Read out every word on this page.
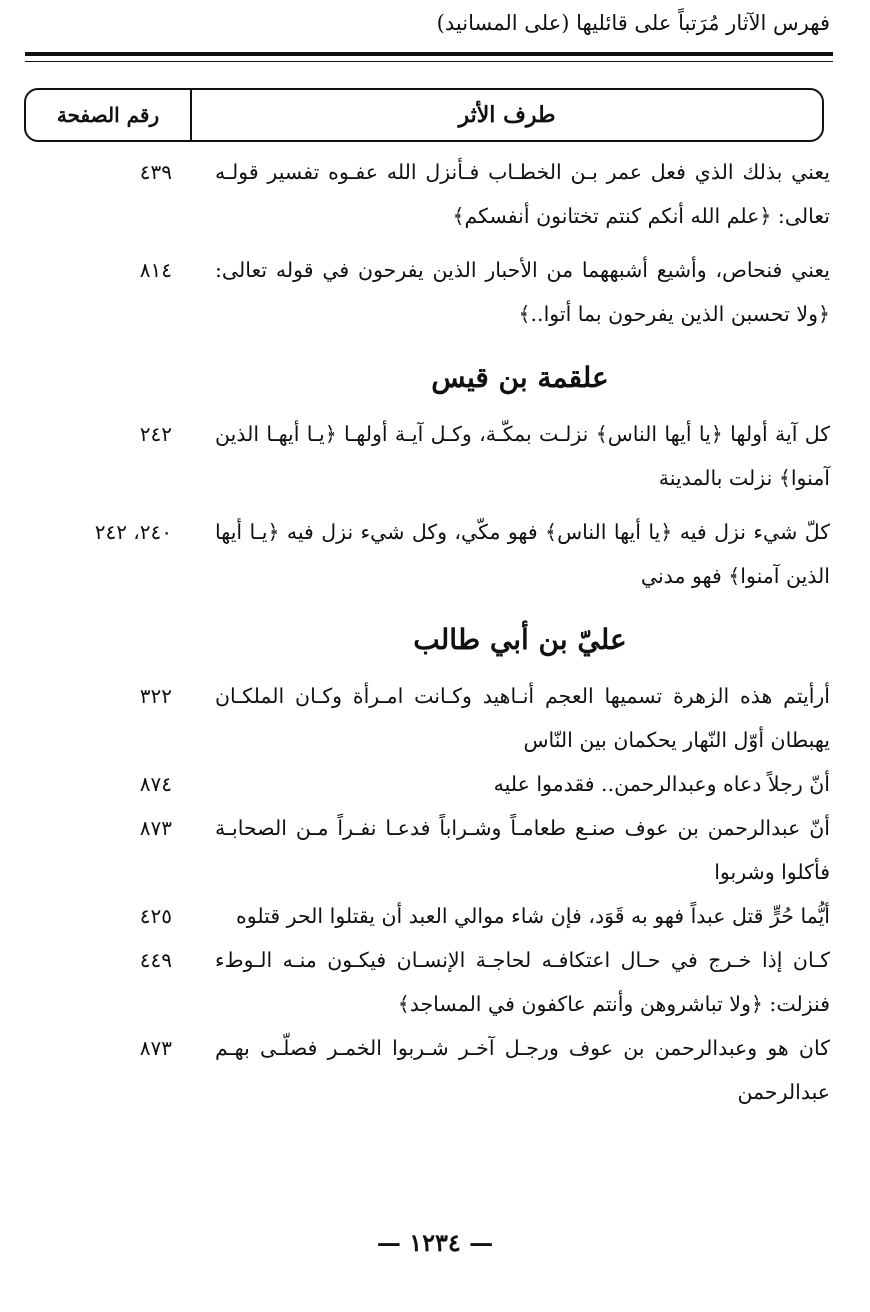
فهرس الآثار مُرَتباً على قائليها (على المسانيد)
طرف الأثر
رقم الصفحة
يعني بذلك الذي فعل عمر بـن الخطـاب فـأنزل الله عفـوه تفسير قولـه تعالى: ﴿علم الله أنكم كنتم تختانون أنفسكم﴾
٤٣٩
يعني فنحاص، وأشيع أشبههما من الأحبار الذين يفرحون في قوله تعالى: ﴿ولا تحسبن الذين يفرحون بما أتوا..﴾
٨١٤
علقمة بن قيس
كل آية أولها ﴿يا أيها الناس﴾ نزلـت بمكّـة، وكـل آيـة أولهـا ﴿يـا أيهـا الذين آمنوا﴾ نزلت بالمدينة
٢٤٢
كلّ شيء نزل فيه ﴿يا أيها الناس﴾ فهو مكّي، وكل شيء نزل فيه ﴿يـا أيها الذين آمنوا﴾ فهو مدني
٢٤٠، ٢٤٢
عليّ بن أبي طالب
أرأيتم هذه الزهرة تسميها العجم أنـاهيد وكـانت امـرأة وكـان الملكـان يهبطان أوّل النّهار يحكمان بين النّاس
٣٢٢
أنّ رجلاً دعاه وعبدالرحمن.. فقدموا عليه
٨٧٤
أنّ عبدالرحمن بن عوف صنـع طعامـاً وشـراباً فدعـا نفـراً مـن الصحابـة فأكلوا وشربوا
٨٧٣
أيُّما حُرٍّ قتل عبداً فهو به قَوَد، فإن شاء موالي العبد أن يقتلوا الحر قتلوه
٤٢٥
كـان إذا خـرج في حـال اعتكافـه لحاجـة الإنسـان فيكـون منـه الـوطء فنزلت: ﴿ولا تباشروهن وأنتم عاكفون في المساجد﴾
٤٤٩
كان هو وعبدالرحمن بن عوف ورجـل آخـر شـربوا الخمـر فصلّـى بهـم عبدالرحمن
٨٧٣
— ١٢٣٤ —
